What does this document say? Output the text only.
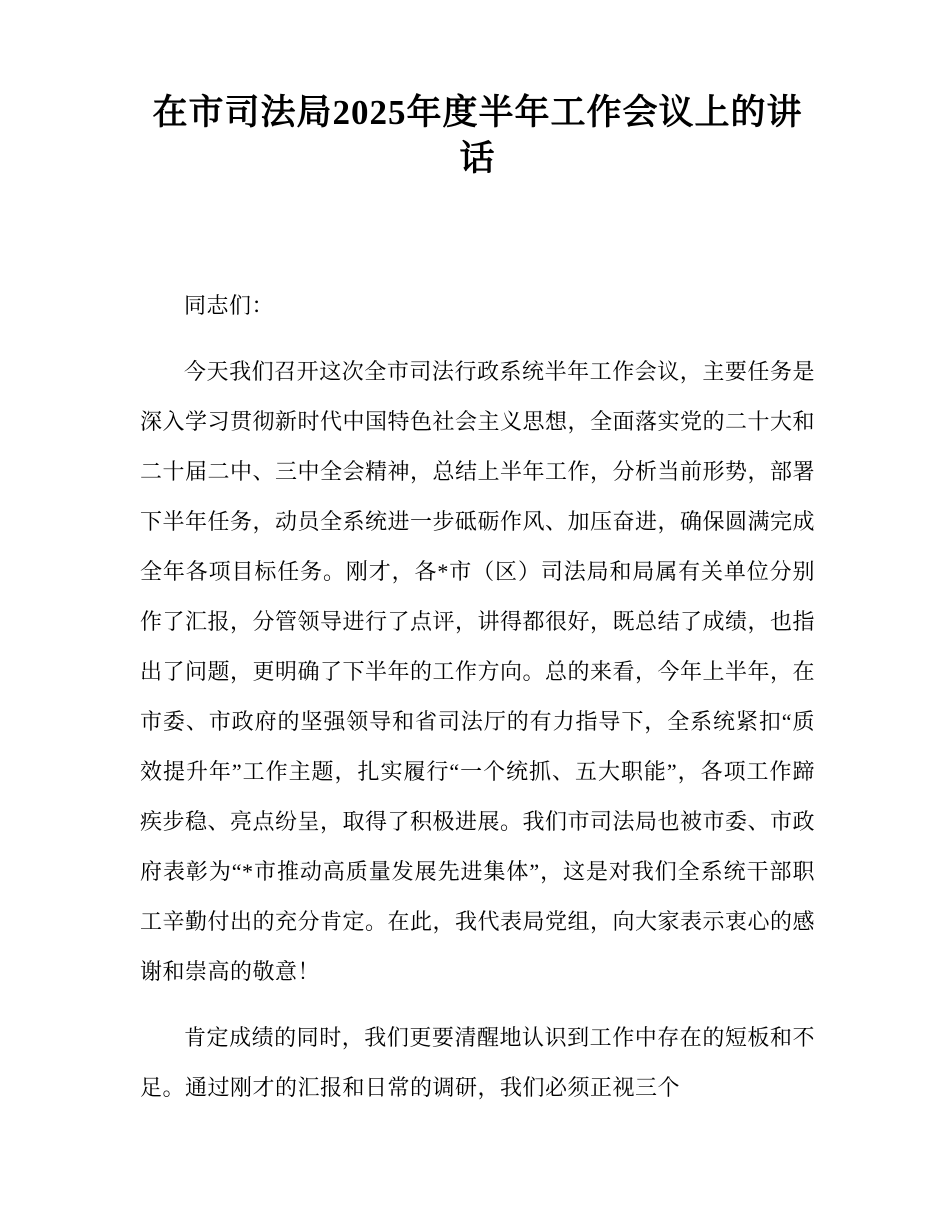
在市司法局2025年度半年工作会议上的讲话

同志们：

今天我们召开这次全市司法行政系统半年工作会议，主要任务是深入学习贯彻新时代中国特色社会主义思想，全面落实党的二十大和二十届二中、三中全会精神，总结上半年工作，分析当前形势，部署下半年任务，动员全系统进一步砥砺作风、加压奋进，确保圆满完成全年各项目标任务。刚才，各*市（区）司法局和局属有关单位分别作了汇报，分管领导进行了点评，讲得都很好，既总结了成绩，也指出了问题，更明确了下半年的工作方向。总的来看，今年上半年，在市委、市政府的坚强领导和省司法厅的有力指导下，全系统紧扣“质效提升年”工作主题，扎实履行“一个统抓、五大职能”，各项工作蹄疾步稳、亮点纷呈，取得了积极进展。我们市司法局也被市委、市政府表彰为“*市推动高质量发展先进集体”，这是对我们全系统干部职工辛勤付出的充分肯定。在此，我代表局党组，向大家表示衷心的感谢和崇高的敬意！

肯定成绩的同时，我们更要清醒地认识到工作中存在的短板和不足。通过刚才的汇报和日常的调研，我们必须正视三个
